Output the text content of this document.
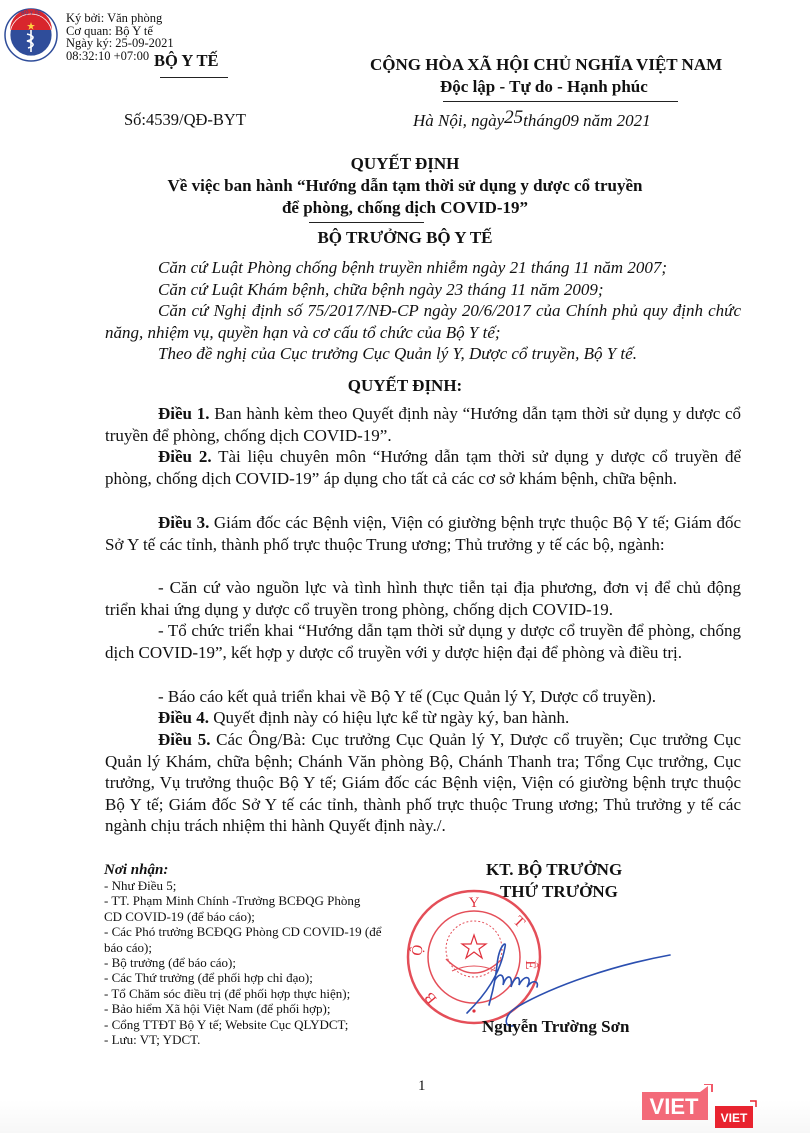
BỘ Y TẾ Ký bởi: Văn phòng
Cơ quan: Bộ Y tế
Ngày ký: 25-09-2021
08:32:10 +07:00 BỘ Y TẾ
Số:4539/QĐ-BYT
CỘNG HÒA XÃ HỘI CHỦ NGHĨA VIỆT NAM
Độc lập - Tự do - Hạnh phúc
Hà Nội, ngày25tháng09 năm 2021
QUYẾT ĐỊNH
Về việc ban hành “Hướng dẫn tạm thời sử dụng y dược cổ truyền
để phòng, chống dịch COVID-19”
BỘ TRƯỞNG BỘ Y TẾ
Căn cứ Luật Phòng chống bệnh truyền nhiễm ngày 21 tháng 11 năm 2007;
Căn cứ Luật Khám bệnh, chữa bệnh ngày 23 tháng 11 năm 2009;
Căn cứ Nghị định số 75/2017/NĐ-CP ngày 20/6/2017 của Chính phủ quy định chức năng, nhiệm vụ, quyền hạn và cơ cấu tổ chức của Bộ Y tế;
Theo đề nghị của Cục trưởng Cục Quản lý Y, Dược cổ truyền, Bộ Y tế.
QUYẾT ĐỊNH:
Điều 1. Ban hành kèm theo Quyết định này “Hướng dẫn tạm thời sử dụng y dược cổ truyền để phòng, chống dịch COVID-19”.
Điều 2. Tài liệu chuyên môn “Hướng dẫn tạm thời sử dụng y dược cổ truyền để phòng, chống dịch COVID-19” áp dụng cho tất cả các cơ sở khám bệnh, chữa bệnh.
Điều 3. Giám đốc các Bệnh viện, Viện có giường bệnh trực thuộc Bộ Y tế; Giám đốc Sở Y tế các tỉnh, thành phố trực thuộc Trung ương; Thủ trưởng y tế các bộ, ngành:
- Căn cứ vào nguồn lực và tình hình thực tiễn tại địa phương, đơn vị để chủ động triển khai ứng dụng y dược cổ truyền trong phòng, chống dịch COVID-19.
- Tổ chức triển khai “Hướng dẫn tạm thời sử dụng y dược cổ truyền để phòng, chống dịch COVID-19”, kết hợp y dược cổ truyền với y dược hiện đại để phòng và điều trị.
- Báo cáo kết quả triển khai về Bộ Y tế (Cục Quản lý Y, Dược cổ truyền).
Điều 4. Quyết định này có hiệu lực kể từ ngày ký, ban hành.
Điều 5. Các Ông/Bà: Cục trưởng Cục Quản lý Y, Dược cổ truyền; Cục trưởng Cục Quản lý Khám, chữa bệnh; Chánh Văn phòng Bộ, Chánh Thanh tra; Tổng Cục trưởng, Cục trưởng, Vụ trưởng thuộc Bộ Y tế; Giám đốc các Bệnh viện, Viện có giường bệnh trực thuộc Bộ Y tế; Giám đốc Sở Y tế các tỉnh, thành phố trực thuộc Trung ương; Thủ trưởng y tế các ngành chịu trách nhiệm thi hành Quyết định này./.
Nơi nhận:
- Như Điều 5;
- TT. Phạm Minh Chính -Trưởng BCĐQG Phòng CD COVID-19 (để báo cáo);
- Các Phó trưởng BCĐQG Phòng CD COVID-19 (để báo cáo);
- Bộ trưởng (để báo cáo);
- Các Thứ trưởng (để phối hợp chỉ đạo);
- Tổ Chăm sóc điều trị (để phối hợp thực hiện);
- Bảo hiểm Xã hội Việt Nam (để phối hợp);
- Cổng TTĐT Bộ Y tế; Website Cục QLYDCT;
- Lưu: VT; YDCT.
KT. BỘ TRƯỞNG
THỨ TRƯỞNG
Y
T
Ế
Ộ
B
Nguyễn Trường Sơn
1
VIET VIET
